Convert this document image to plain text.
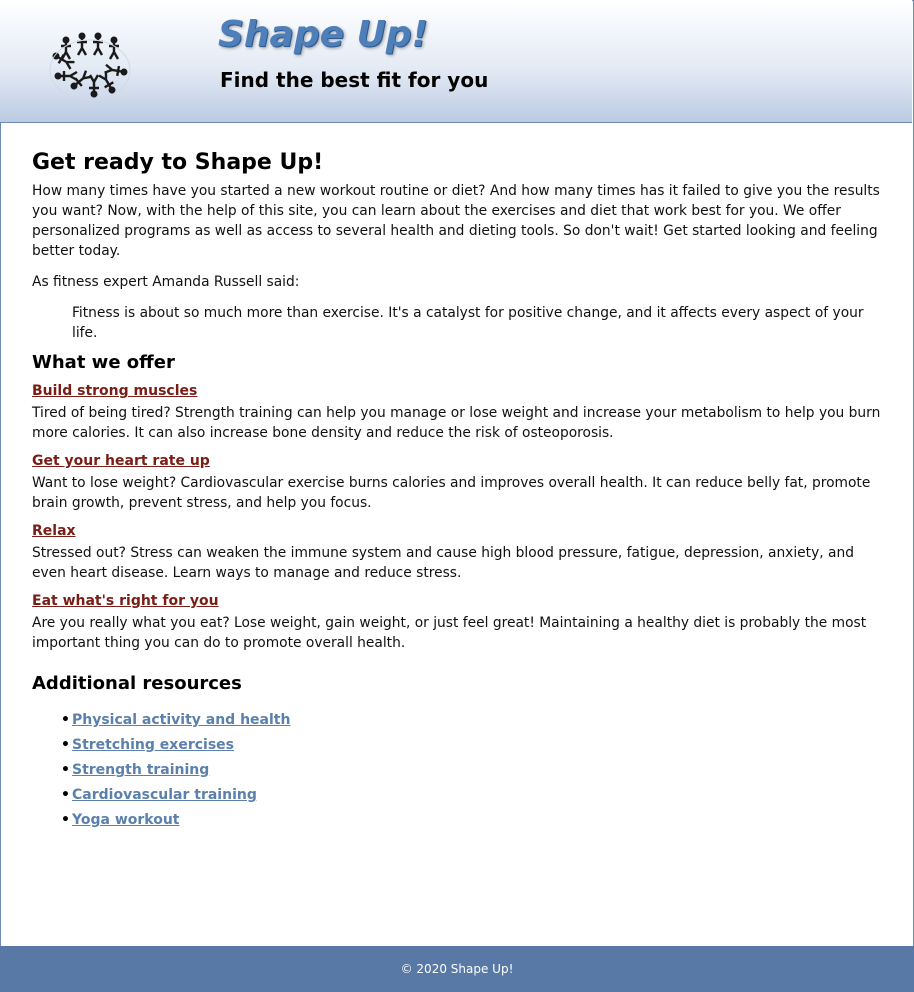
Shape Up!
Find the best fit for you
Get ready to Shape Up!

How many times have you started a new workout routine or diet? And how many times has it failed to give you the results you want? Now, with the help of this site, you can learn about the exercises and diet that work best for you. We offer personalized programs as well as access to several health and dieting tools. So don't wait! Get started looking and feeling better today.

As fitness expert Amanda Russell said:

Fitness is about so much more than exercise. It's a catalyst for positive change, and it affects every aspect of your life.
What we offer
Build strong muscles

Tired of being tired? Strength training can help you manage or lose weight and increase your metabolism to help you burn more calories. It can also increase bone density and reduce the risk of osteoporosis.

Get your heart rate up

Want to lose weight? Cardiovascular exercise burns calories and improves overall health. It can reduce belly fat, promote brain growth, prevent stress, and help you focus.

Relax

Stressed out? Stress can weaken the immune system and cause high blood pressure, fatigue, depression, anxiety, and even heart disease. Learn ways to manage and reduce stress.

Eat what's right for you

Are you really what you eat? Lose weight, gain weight, or just feel great! Maintaining a healthy diet is probably the most important thing you can do to promote overall health.

Additional resources
• Physical activity and health
• Stretching exercises
• Strength training
• Cardiovascular training
• Yoga workout
© 2020 Shape Up!
